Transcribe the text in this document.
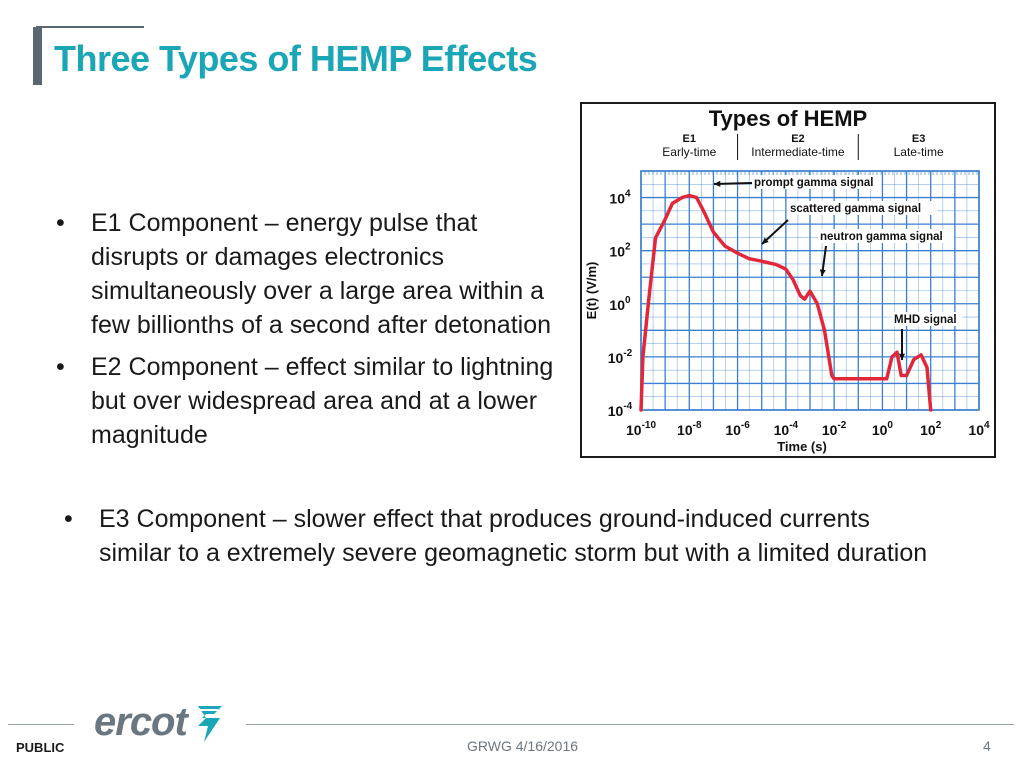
Three Types of HEMP Effects
• E1 Component – energy pulse that disrupts or damages electronics simultaneously over a large area within a few billionths of a second after detonation
• E2 Component – effect similar to lightning but over widespread area and at a lower magnitude
• E3 Component – slower effect that produces ground-induced currents similar to a extremely severe geomagnetic storm but with a limited duration
Types of HEMP
E1
Early-time
E2
Intermediate-time
E3
Late-time
$10^{-10}$ $10^{-8}$ $10^{-6}$ $10^{-4}$ $10^{-2}$ $10^0$ $10^2$ $10^4$
$10^{-4}$
$10^{-2}$
$10^0$
$10^2$
$10^4$
Time (s)
E(t) (V/m)
prompt gamma signal
scattered gamma signal
neutron gamma signal
MHD signal
ercot
PUBLIC	GRWG 4/16/2016	4
